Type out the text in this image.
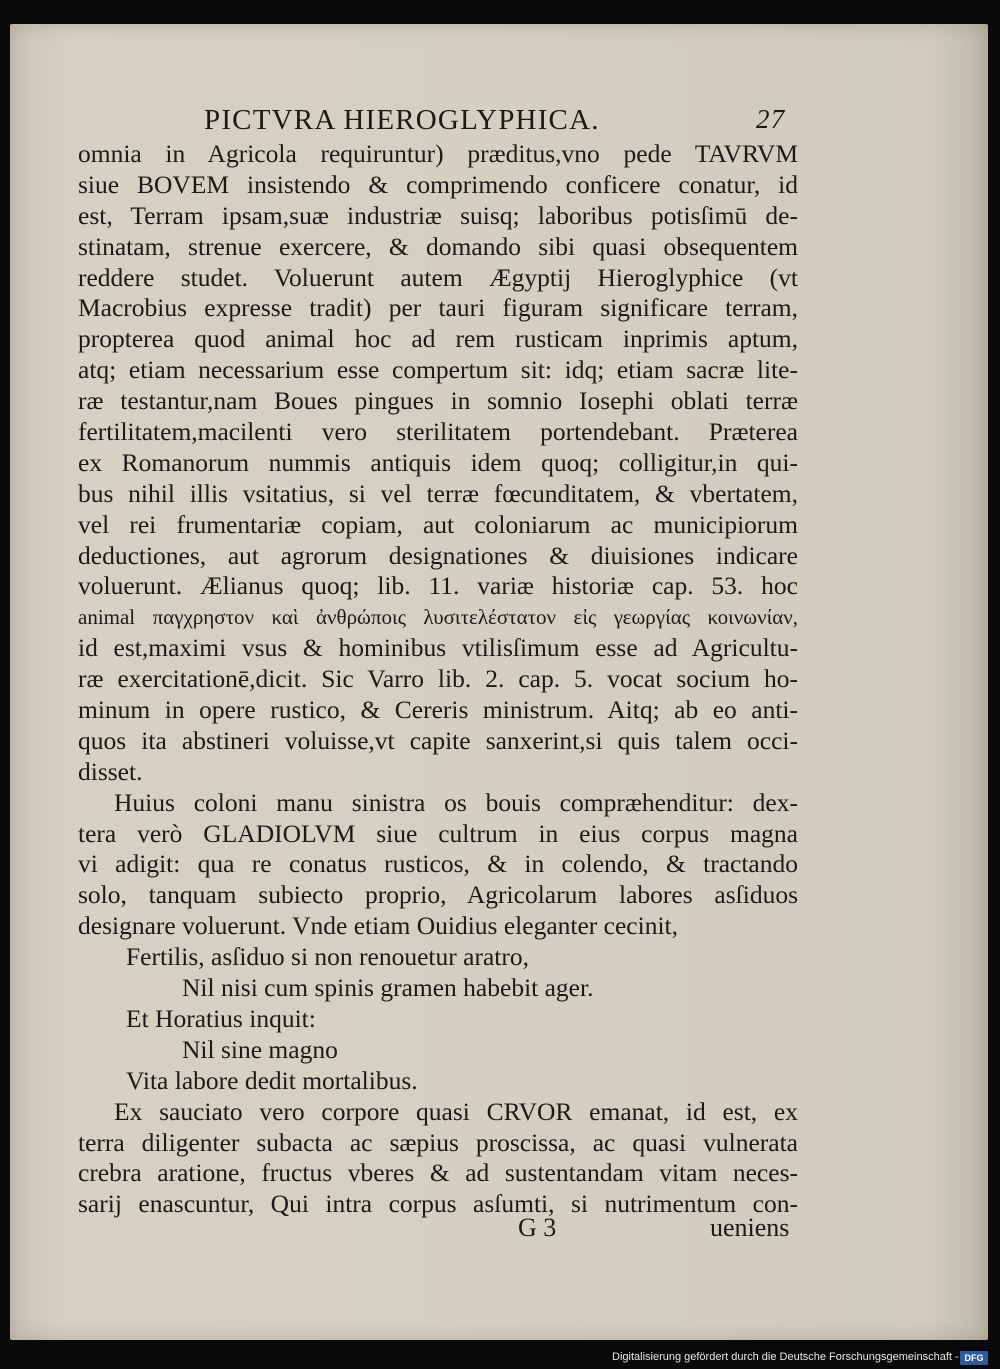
PICTVRA HIEROGLYPHICA.	27
omnia in Agricola requiruntur) prӕditus,vno pede TAVRVM
siue BOVEM insistendo & comprimendo conficere conatur, id
est, Terram ipsam,suӕ industriӕ suisq; laboribus potisſimū de-
stinatam, strenue exercere, & domando sibi quasi obsequentem
reddere studet. Voluerunt autem Ægyptij Hieroglyphice (vt
Macrobius expresse tradit) per tauri figuram significare terram,
propterea quod animal hoc ad rem rusticam inprimis aptum,
atq; etiam necessarium esse compertum sit: idq; etiam sacrӕ lite-
rӕ testantur,nam Boues pingues in somnio Iosephi oblati terrӕ
fertilitatem,macilenti vero sterilitatem portendebant. Prӕterea
ex Romanorum nummis antiquis idem quoq; colligitur,in qui-
bus nihil illis vsitatius, si vel terrӕ fœcunditatem, & vbertatem,
vel rei frumentariӕ copiam, aut coloniarum ac municipiorum
deductiones, aut agrorum designationes & diuisiones indicare
voluerunt. Ælianus quoq; lib. 11. variӕ historiӕ cap. 53. hoc
animal παγχρηστον καὶ ἀνθρώποις λυσιτελέστατον εἰς γεωργίας κοινωνίαν,
id est,maximi vsus & hominibus vtilisſimum esse ad Agricultu-
rӕ exercitationē,dicit. Sic Varro lib. 2. cap. 5. vocat socium ho-
minum in opere rustico, & Cereris ministrum. Aitq; ab eo anti-
quos ita abstineri voluisse,vt capite sanxerint,si quis talem occi-
disset.
Huius coloni manu sinistra os bouis comprӕhenditur: dex-
tera verò GLADIOLVM siue cultrum in eius corpus magna
vi adigit: qua re conatus rusticos, & in colendo, & tractando
solo, tanquam subiecto proprio, Agricolarum labores asſiduos
designare voluerunt. Vnde etiam Ouidius eleganter cecinit,
Fertilis, asſiduo si non renouetur aratro,
Nil nisi cum spinis gramen habebit ager.
Et Horatius inquit:
Nil sine magno
Vita labore dedit mortalibus.
Ex sauciato vero corpore quasi CRVOR emanat, id est, ex
terra diligenter subacta ac sӕpius proscissa, ac quasi vulnerata
crebra aratione, fructus vberes & ad sustentandam vitam neces-
sarij enascuntur, Qui intra corpus asſumti, si nutrimentum con-
G 3	ueniens
Digitalisierung gefördert durch die Deutsche Forschungsgemeinschaft - DFG
